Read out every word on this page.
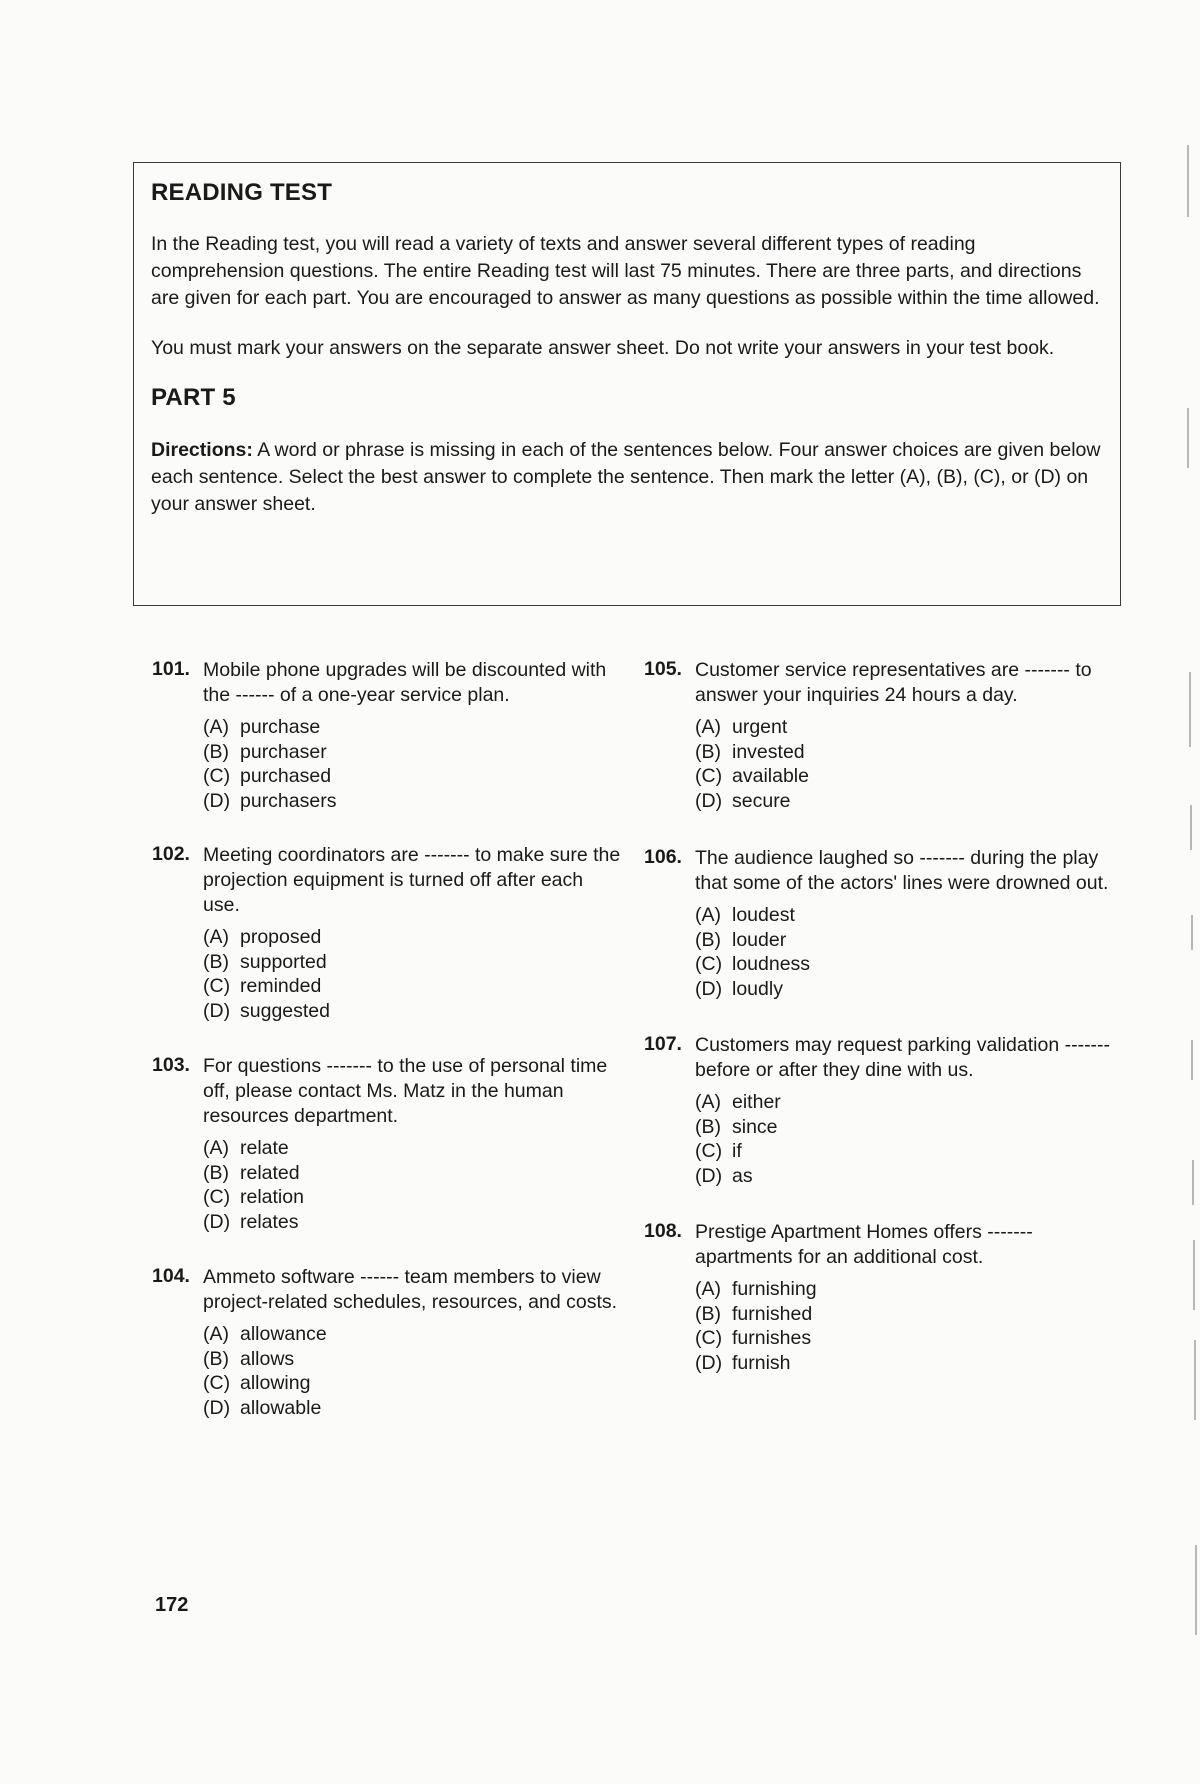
READING TEST

In the Reading test, you will read a variety of texts and answer several different types of reading comprehension questions. The entire Reading test will last 75 minutes. There are three parts, and directions are given for each part. You are encouraged to answer as many questions as possible within the time allowed.

You must mark your answers on the separate answer sheet. Do not write your answers in your test book.

PART 5

Directions: A word or phrase is missing in each of the sentences below. Four answer choices are given below each sentence. Select the best answer to complete the sentence. Then mark the letter (A), (B), (C), or (D) on your answer sheet.

101. Mobile phone upgrades will be discounted with the ------ of a one-year service plan.
(A) purchase
(B) purchaser
(C) purchased
(D) purchasers
102. Meeting coordinators are ------- to make sure the projection equipment is turned off after each use.
(A) proposed
(B) supported
(C) reminded
(D) suggested
103. For questions ------- to the use of personal time off, please contact Ms. Matz in the human resources department.
(A) relate
(B) related
(C) relation
(D) relates
104. Ammeto software ------ team members to view project-related schedules, resources, and costs.
(A) allowance
(B) allows
(C) allowing
(D) allowable
105. Customer service representatives are ------- to answer your inquiries 24 hours a day.
(A) urgent
(B) invested
(C) available
(D) secure
106. The audience laughed so ------- during the play that some of the actors' lines were drowned out.
(A) loudest
(B) louder
(C) loudness
(D) loudly
107. Customers may request parking validation ------- before or after they dine with us.
(A) either
(B) since
(C) if
(D) as
108. Prestige Apartment Homes offers ------- apartments for an additional cost.
(A) furnishing
(B) furnished
(C) furnishes
(D) furnish
172
